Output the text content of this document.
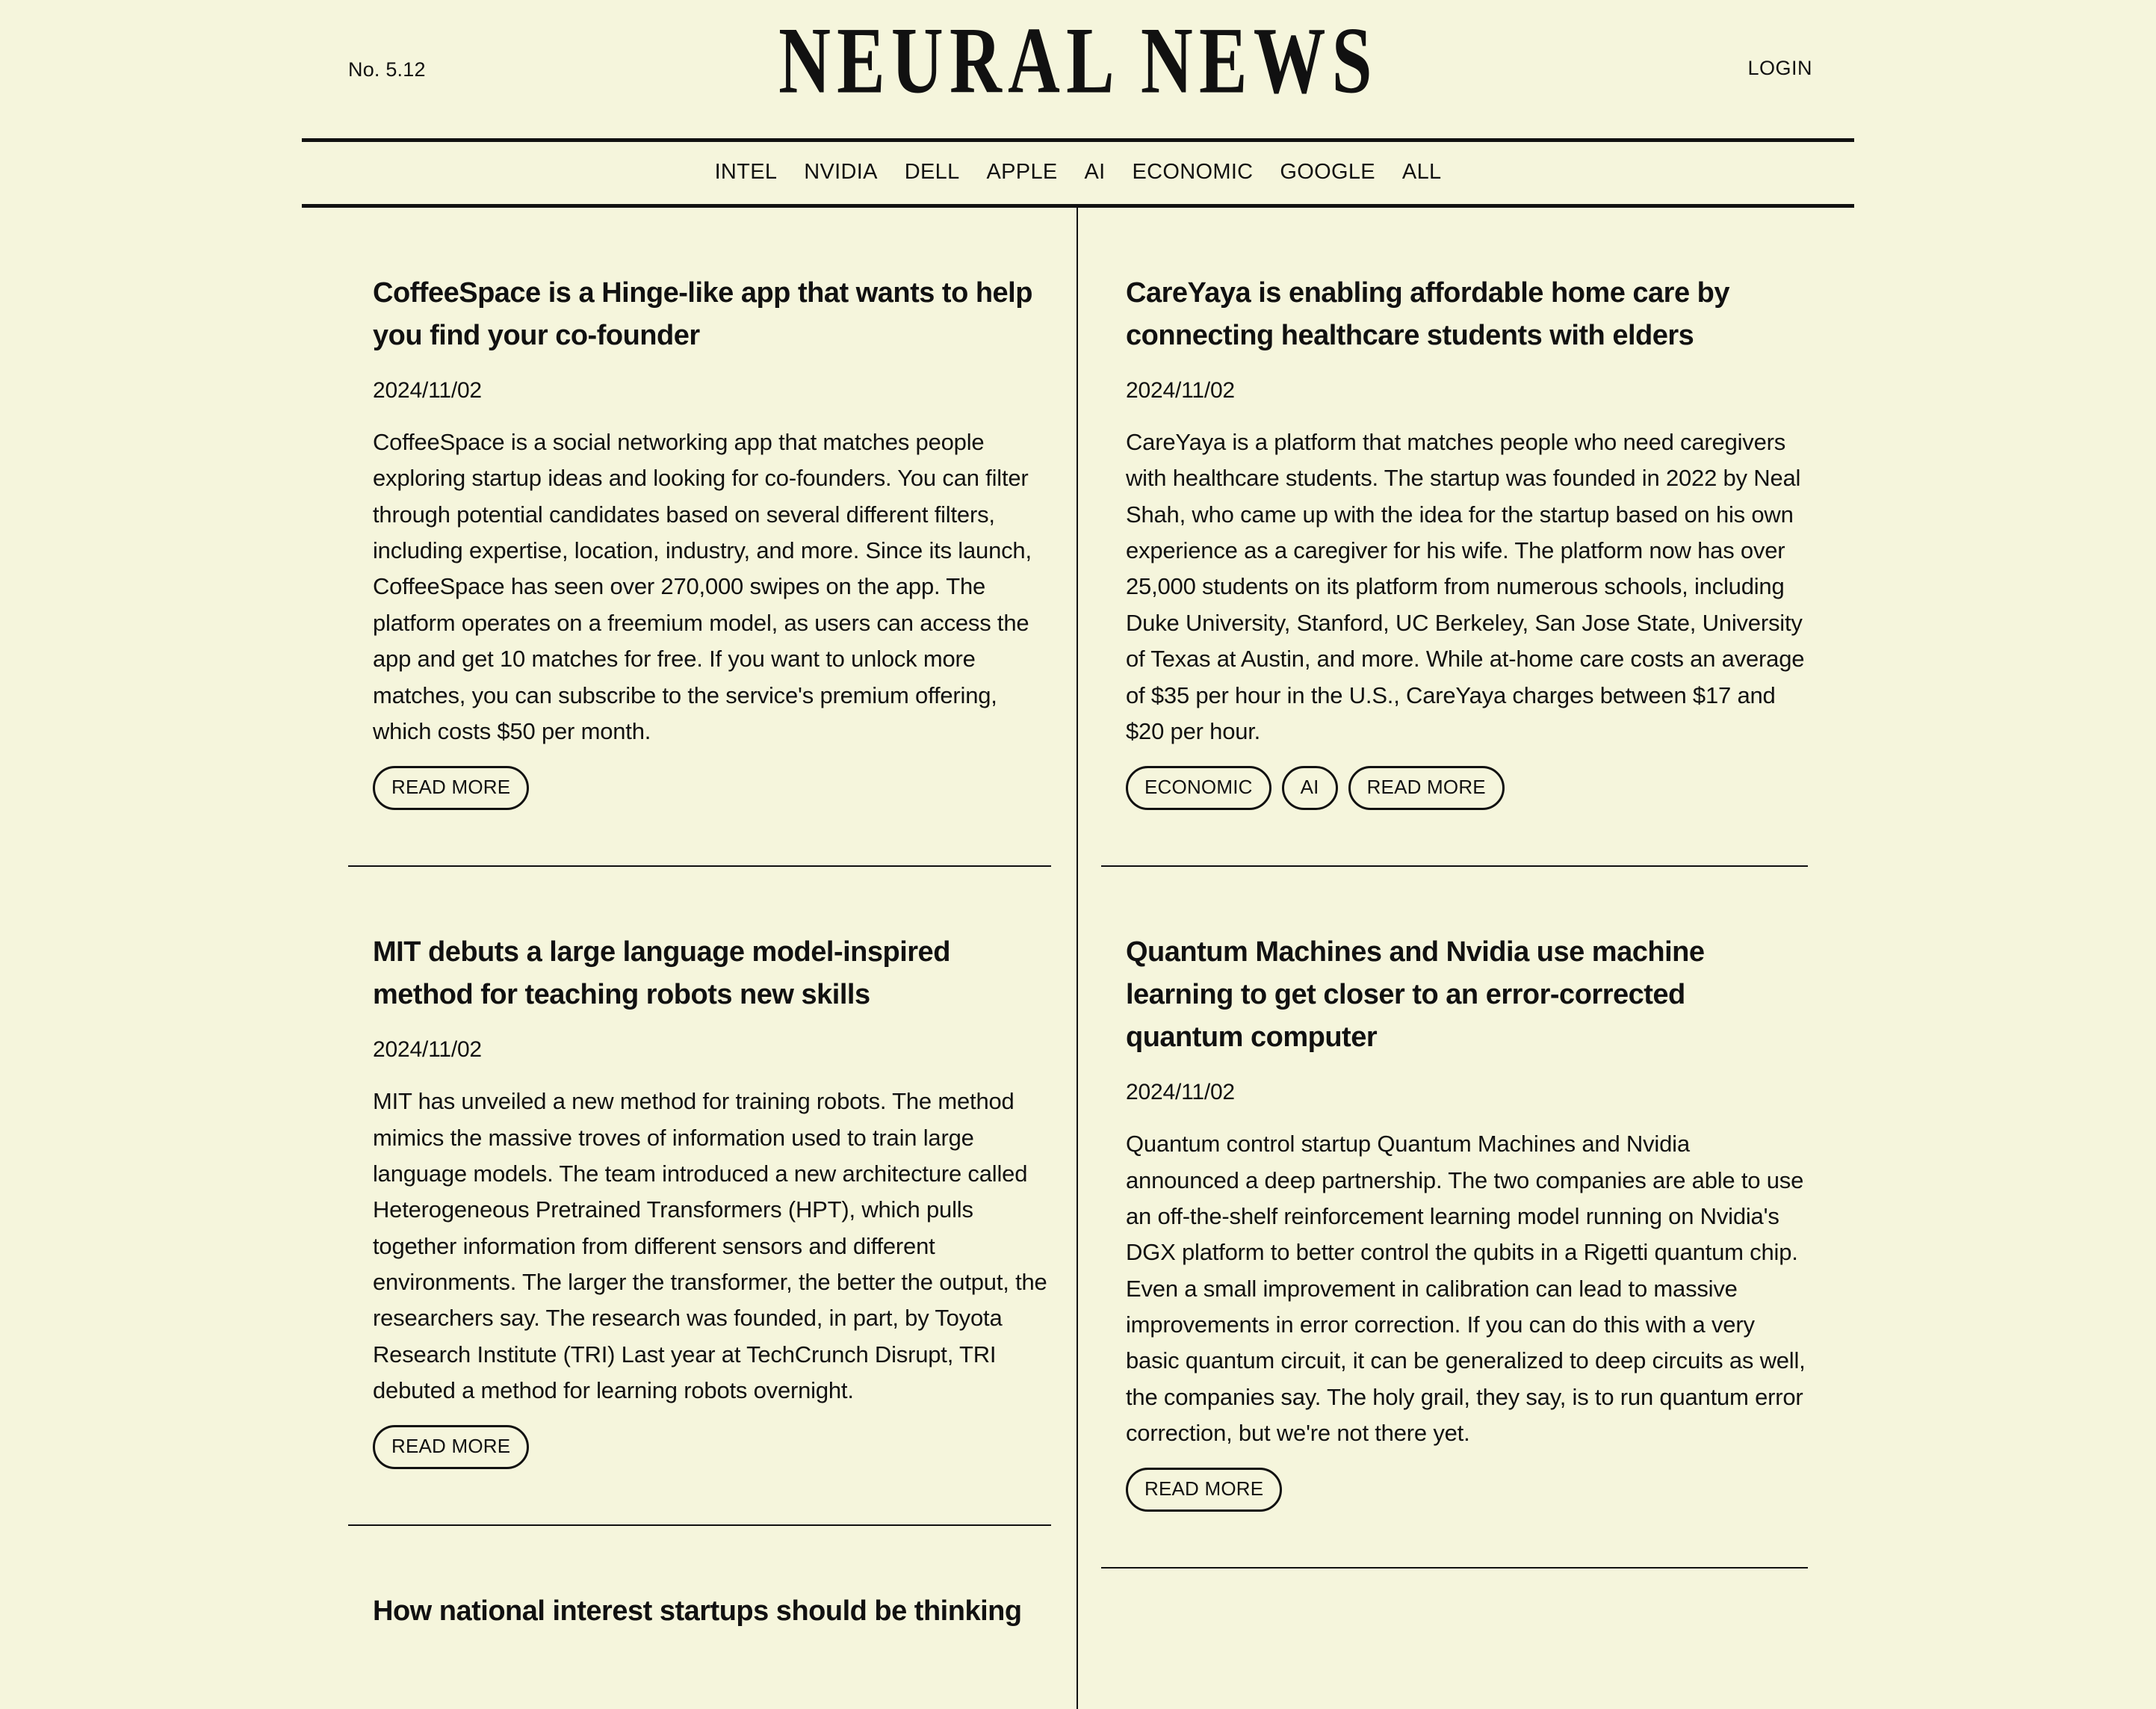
No. 5.12	NEURAL NEWS	LOGIN
INTEL NVIDIA DELL APPLE AI ECONOMIC GOOGLE ALL
CoffeeSpace is a Hinge-like app that wants to help you find your co-founder

2024/11/02

CoffeeSpace is a social networking app that matches people exploring startup ideas and looking for co-founders. You can filter through potential candidates based on several different filters, including expertise, location, industry, and more. Since its launch, CoffeeSpace has seen over 270,000 swipes on the app. The platform operates on a freemium model, as users can access the app and get 10 matches for free. If you want to unlock more matches, you can subscribe to the service's premium offering, which costs $50 per month.

READ MORE
MIT debuts a large language model-inspired method for teaching robots new skills

2024/11/02

MIT has unveiled a new method for training robots. The method mimics the massive troves of information used to train large language models. The team introduced a new architecture called Heterogeneous Pretrained Transformers (HPT), which pulls together information from different sensors and different environments. The larger the transformer, the better the output, the researchers say. The research was founded, in part, by Toyota Research Institute (TRI) Last year at TechCrunch Disrupt, TRI debuted a method for learning robots overnight.

READ MORE
How national interest startups should be thinking
CareYaya is enabling affordable home care by connecting healthcare students with elders

2024/11/02

CareYaya is a platform that matches people who need caregivers with healthcare students. The startup was founded in 2022 by Neal Shah, who came up with the idea for the startup based on his own experience as a caregiver for his wife. The platform now has over 25,000 students on its platform from numerous schools, including Duke University, Stanford, UC Berkeley, San Jose State, University of Texas at Austin, and more. While at-home care costs an average of $35 per hour in the U.S., CareYaya charges between $17 and $20 per hour.

ECONOMIC	AI	READ MORE
Quantum Machines and Nvidia use machine learning to get closer to an error-corrected quantum computer

2024/11/02

Quantum control startup Quantum Machines and Nvidia announced a deep partnership. The two companies are able to use an off-the-shelf reinforcement learning model running on Nvidia's DGX platform to better control the qubits in a Rigetti quantum chip. Even a small improvement in calibration can lead to massive improvements in error correction. If you can do this with a very basic quantum circuit, it can be generalized to deep circuits as well, the companies say. The holy grail, they say, is to run quantum error correction, but we're not there yet.

READ MORE
